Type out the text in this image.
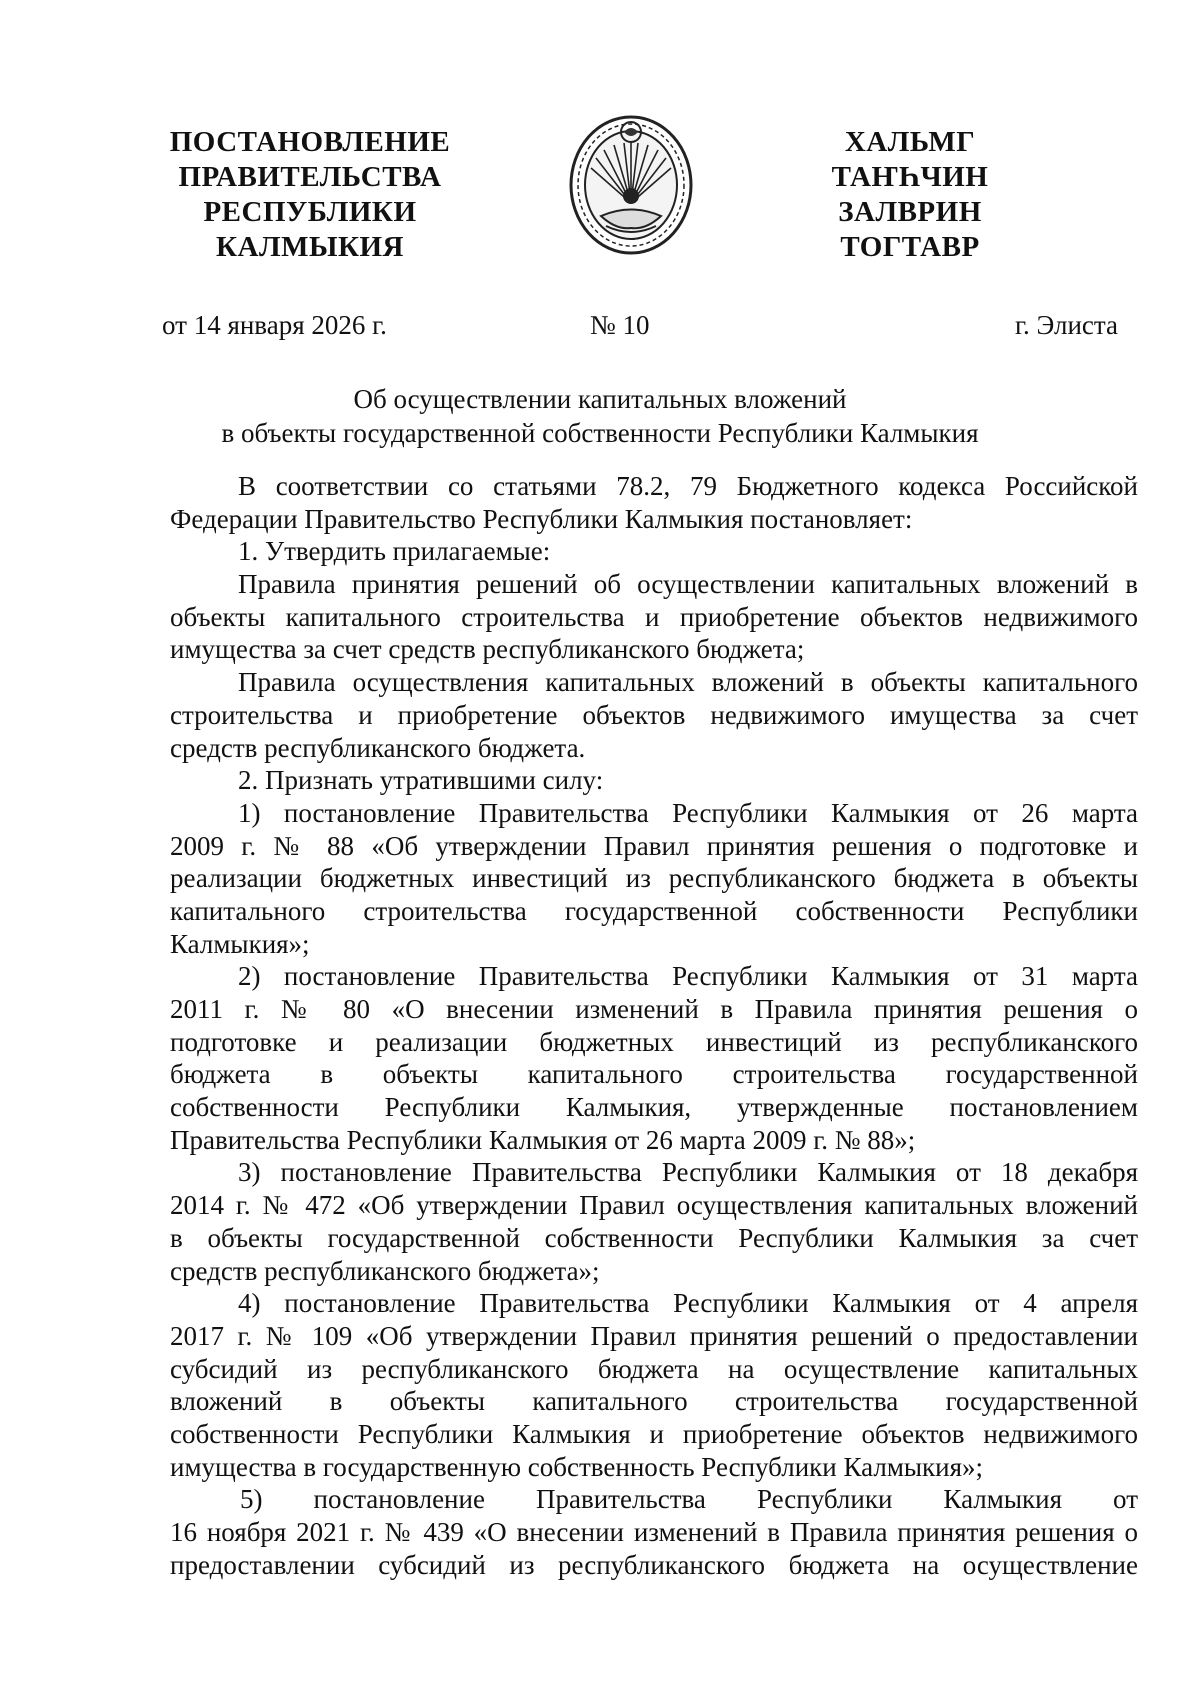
ПОСТАНОВЛЕНИЕ
ПРАВИТЕЛЬСТВА
РЕСПУБЛИКИ
КАЛМЫКИЯ
ХАЛЬМГ
ТАҤҺЧИН
ЗАЛВРИН
ТОГТАВР
от 14 января 2026 г.	№ 10	г. Элиста
Об осуществлении капитальных вложений
в объекты государственной собственности Республики Калмыкия
В соответствии со статьями 78.2, 79 Бюджетного кодекса Российской
Федерации Правительство Республики Калмыкия постановляет:
1. Утвердить прилагаемые:
Правила принятия решений об осуществлении капитальных вложений в
объекты капитального строительства и приобретение объектов недвижимого
имущества за счет средств республиканского бюджета;
Правила осуществления капитальных вложений в объекты капитального
строительства и приобретение объектов недвижимого имущества за счет
средств республиканского бюджета.
2. Признать утратившими силу:
1) постановление Правительства Республики Калмыкия от 26 марта
2009 г. № 88 «Об утверждении Правил принятия решения о подготовке и
реализации бюджетных инвестиций из республиканского бюджета в объекты
капитального строительства государственной собственности Республики
Калмыкия»;
2) постановление Правительства Республики Калмыкия от 31 марта
2011 г. № 80 «О внесении изменений в Правила принятия решения о
подготовке и реализации бюджетных инвестиций из республиканского
бюджета в объекты капитального строительства государственной
собственности Республики Калмыкия, утвержденные постановлением
Правительства Республики Калмыкия от 26 марта 2009 г. № 88»;
3) постановление Правительства Республики Калмыкия от 18 декабря
2014 г. № 472 «Об утверждении Правил осуществления капитальных вложений
в объекты государственной собственности Республики Калмыкия за счет
средств республиканского бюджета»;
4) постановление Правительства Республики Калмыкия от 4 апреля
2017 г. № 109 «Об утверждении Правил принятия решений о предоставлении
субсидий из республиканского бюджета на осуществление капитальных
вложений в объекты капитального строительства государственной
собственности Республики Калмыкия и приобретение объектов недвижимого
имущества в государственную собственность Республики Калмыкия»;
5) постановление Правительства Республики Калмыкия от
16 ноября 2021 г. № 439 «О внесении изменений в Правила принятия решения о
предоставлении субсидий из республиканского бюджета на осуществление
